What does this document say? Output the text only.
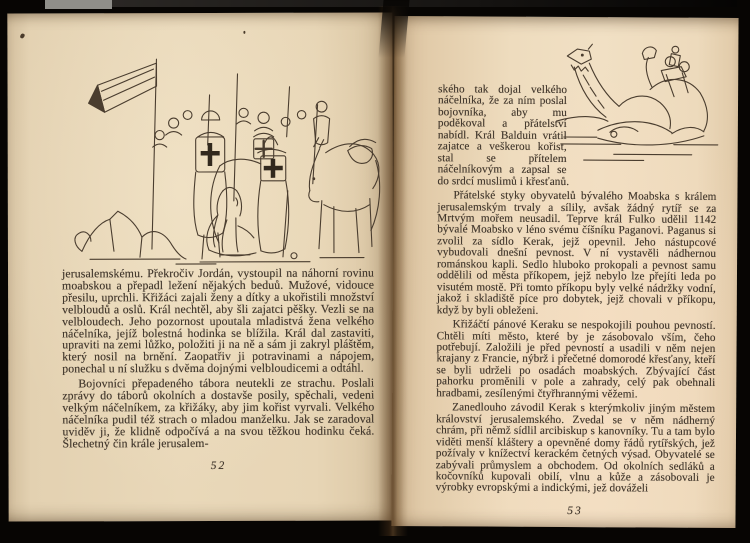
jerusalemskému. Překročiv Jordán, vystoupil na náhorní rovinu moabskou a přepadl ležení nějakých beduů. Mužové, vidouce přesilu, uprchli. Křižáci zajali ženy a dítky a ukořistili množství velbloudů a oslů. Král nechtěl, aby šli zajatci pěšky. Vezli se na velbloudech. Jeho pozornost upoutala mladistvá žena velkého náčelníka, jejíž bolestná hodinka se blížila. Král dal zastaviti, upraviti na zemi lůžko, položiti ji na ně a sám ji zakryl pláštěm, který nosil na brnění. Zaopatřiv ji potravinami a nápojem, ponechal u ní služku s dvěma dojnými velbloudicemi a odtáhl.

Bojovníci přepadeného tábora neutekli ze strachu. Poslali zprávy do táborů okolních a dostavše posily, spěchali, vedeni velkým náčelníkem, za křižáky, aby jim kořist vyrvali. Velkého náčelníka pudil též strach o mladou manželku. Jak se zaradoval uviděv ji, že klidně odpočívá a na svou těžkou hodinku čeká. Šlechetný čin krále jerusalem-

52

ského tak dojal velkého náčelníka, že za ním poslal bojovníka, aby mu poděkoval a přátelství nabídl. Král Balduin vrátil zajatce a veškerou kořist, stal se přítelem náčelníkovým a zapsal se do srdcí muslimů i křesťanů.

Přátelské styky obyvatelů bývalého Moabska s králem jerusalemským trvaly a sílily, avšak žádný rytíř se za Mrtvým mořem neusadil. Teprve král Fulko udělil 1142 bývalé Moabsko v léno svému číšníku Paganovi. Paganus si zvolil za sídlo Kerak, jejž opevnil. Jeho nástupcové vybudovali dnešní pevnost. V ní vystavěli nádhernou románskou kapli. Sedlo hluboko prokopali a pevnost samu oddělili od města příkopem, jejž nebylo lze přejíti leda po visutém mostě. Při tomto příkopu byly velké nádržky vodní, jakož i skladiště píce pro dobytek, jejž chovali v příkopu, když by byli obleženi.

Křižáčtí pánové Keraku se nespokojili pouhou pevností. Chtěli míti město, které by je zásobovalo vším, čeho potřebují. Založili je před pevností a usadili v něm nejen krajany z Francie, nýbrž i přečetné domorodé křesťany, kteří se byli udrželi po osadách moabských. Zbývající část pahorku proměnili v pole a zahrady, celý pak obehnali hradbami, zesílenými čtyřhrannými věžemi.

Zanedlouho závodil Kerak s kterýmkoliv jiným městem království jerusalemského. Zvedal se v něm nádherný chrám, při němž sídlil arcibiskup s kanovníky. Tu a tam bylo viděti menší kláštery a opevněné domy řádů rytířských, jež požívaly v knížectví kerackém četných výsad. Obyvatelé se zabývali průmyslem a obchodem. Od okolních sedláků a kočovníků kupovali obilí, vlnu a kůže a zásobovali je výrobky evropskými a indickými, jež dováželi

53
